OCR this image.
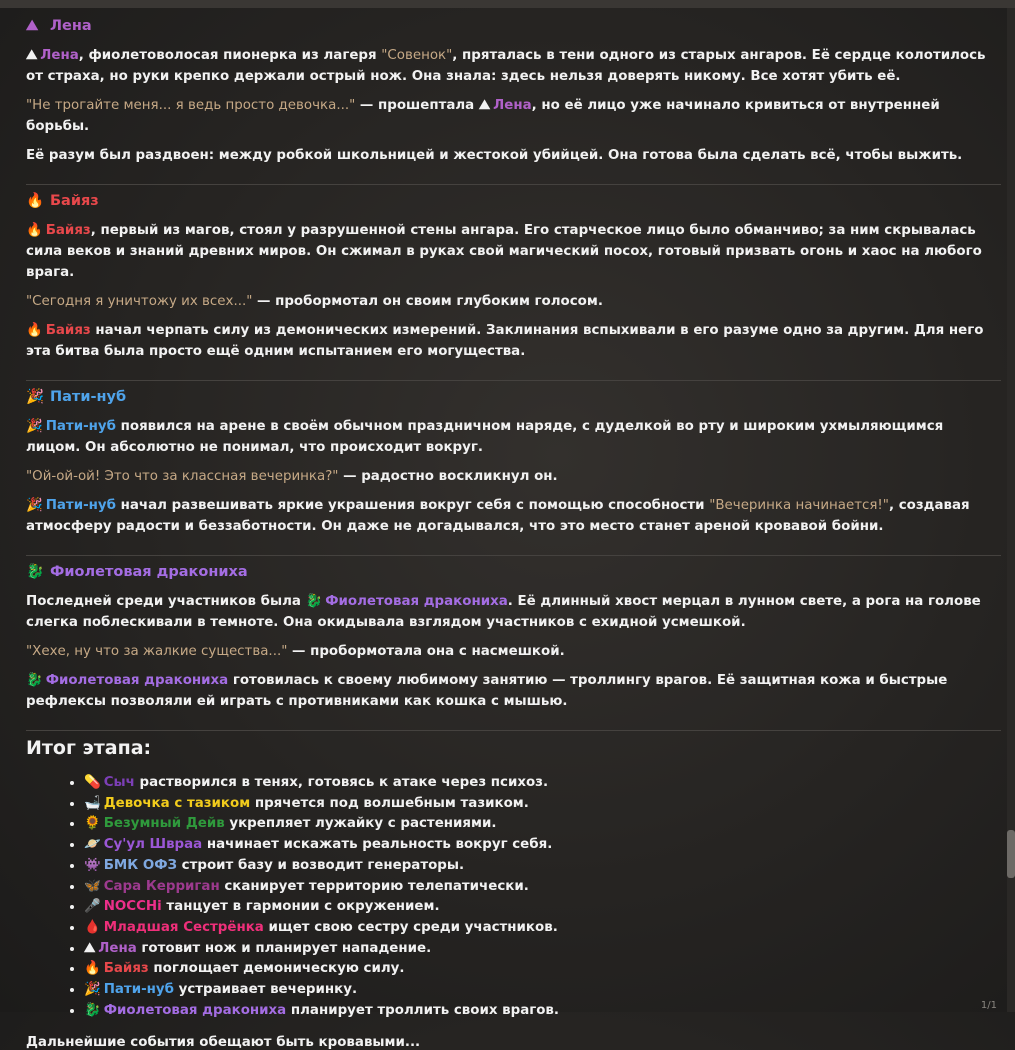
⛰ Лена

⛰ Лена, фиолетоволосая пионерка из лагеря "Совенок", пряталась в тени одного из старых ангаров. Её сердце колотилось от страха, но руки крепко держали острый нож. Она знала: здесь нельзя доверять никому. Все хотят убить её.

"Не трогайте меня... я ведь просто девочка..." — прошептала ⛰ Лена, но её лицо уже начинало кривиться от внутренней борьбы.

Её разум был раздвоен: между робкой школьницей и жестокой убийцей. Она готова была сделать всё, чтобы выжить.

🔥 Байяз

🔥 Байяз, первый из магов, стоял у разрушенной стены ангара. Его старческое лицо было обманчиво; за ним скрывалась сила веков и знаний древних миров. Он сжимал в руках свой магический посох, готовый призвать огонь и хаос на любого врага.

"Сегодня я уничтожу их всех..." — пробормотал он своим глубоким голосом.

🔥 Байяз начал черпать силу из демонических измерений. Заклинания вспыхивали в его разуме одно за другим. Для него эта битва была просто ещё одним испытанием его могущества.

🎉 Пати-нуб

🎉 Пати-нуб появился на арене в своём обычном праздничном наряде, с дуделкой во рту и широким ухмыляющимся лицом. Он абсолютно не понимал, что происходит вокруг.

"Ой-ой-ой! Это что за классная вечеринка?" — радостно воскликнул он.

🎉 Пати-нуб начал развешивать яркие украшения вокруг себя с помощью способности "Вечеринка начинается!", создавая атмосферу радости и беззаботности. Он даже не догадывался, что это место станет ареной кровавой бойни.

🐉 Фиолетовая дракониха

Последней среди участников была 🐉 Фиолетовая дракониха. Её длинный хвост мерцал в лунном свете, а рога на голове слегка поблескивали в темноте. Она окидывала взглядом участников с ехидной усмешкой.

"Хехе, ну что за жалкие существа..." — пробормотала она с насмешкой.

🐉 Фиолетовая дракониха готовилась к своему любимому занятию — троллингу врагов. Её защитная кожа и быстрые рефлексы позволяли ей играть с противниками как кошка с мышью.

Итог этапа:
• 💊 Сыч растворился в тенях, готовясь к атаке через психоз.
• 🛁 Девочка с тазиком прячется под волшебным тазиком.
• 🌻 Безумный Дейв укрепляет лужайку с растениями.
• 🪐 Су'ул Швраа начинает искажать реальность вокруг себя.
• 👾 БМК ОФЗ строит базу и возводит генераторы.
• 🦋 Сара Керриган сканирует территорию телепатически.
• 🎤 NOCCHi танцует в гармонии с окружением.
• 🩸 Младшая Сестрёнка ищет свою сестру среди участников.
• ⛰ Лена готовит нож и планирует нападение.
• 🔥 Байяз поглощает демоническую силу.
• 🎉 Пати-нуб устраивает вечеринку.
• 🐉 Фиолетовая дракониха планирует троллить своих врагов.
Дальнейшие события обещают быть кровавыми...
1/1
